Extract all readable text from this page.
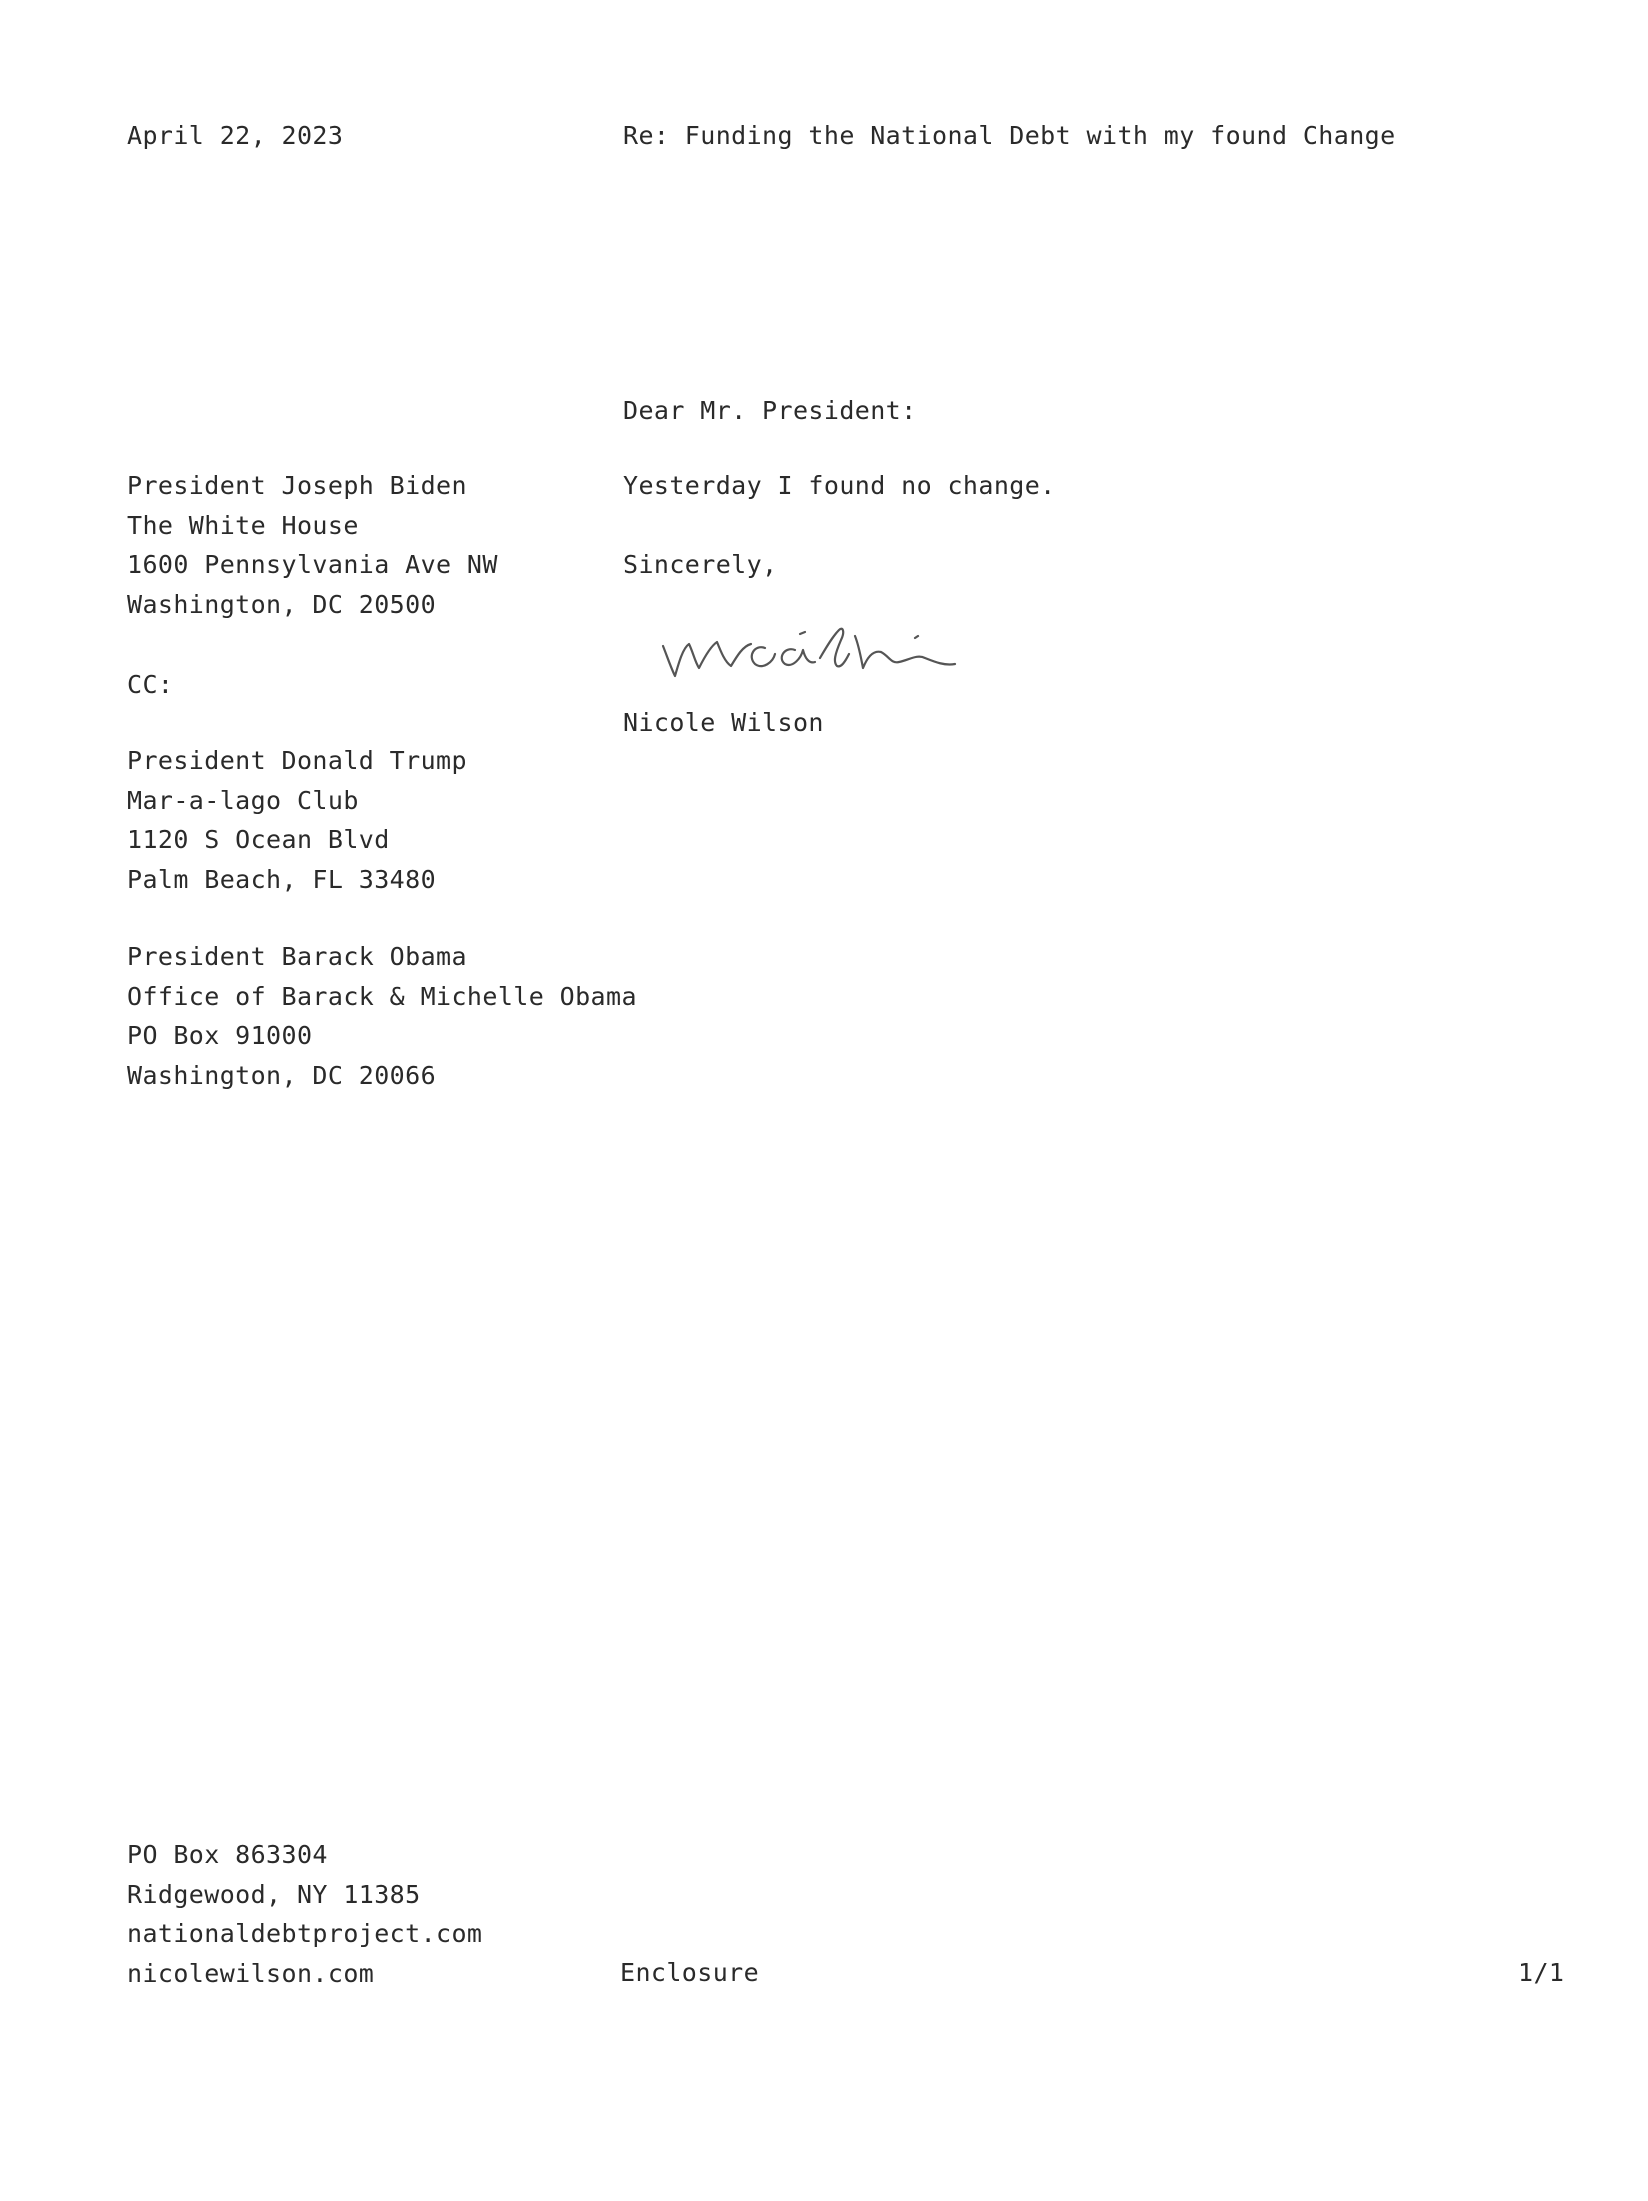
April 22, 2023	Re: Funding the National Debt with my found Change
Dear Mr. President:
President Joseph Biden
The White House
1600 Pennsylvania Ave NW
Washington, DC 20500
Yesterday I found no change.
Sincerely,
CC:
Nicole Wilson
President Donald Trump
Mar-a-lago Club
1120 S Ocean Blvd
Palm Beach, FL 33480
President Barack Obama
Office of Barack & Michelle Obama
PO Box 91000
Washington, DC 20066
PO Box 863304
Ridgewood, NY 11385
nationaldebtproject.com
nicolewilson.com	Enclosure	1/1
